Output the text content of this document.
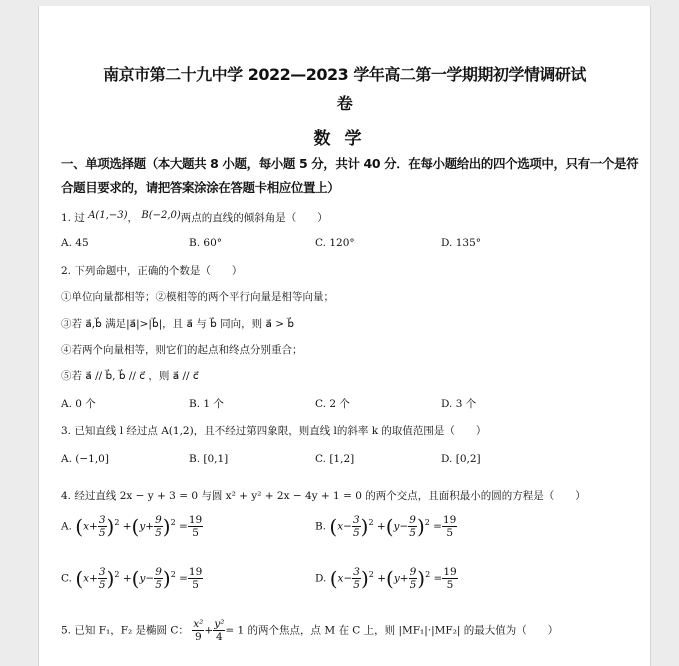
南京市第二十九中学 2022—2023 学年高二第一学期期初学情调研试
卷
数学
一、单项选择题（本大题共 8 小题，每小题 5 分，共计 40 分．在每小题给出的四个选项中，只有一个是符合题目要求的，请把答案涂涂在答题卡相应位置上）
1. 过 A(1,−3)， B(−2,0)两点的直线的倾斜角是（　　）
A. 45	B. 60°	C. 120°	D. 135°
2. 下列命题中，正确的个数是（　　）
①单位向量都相等；②模相等的两个平行向量是相等向量；
③若 a⃗,b⃗ 满足|a⃗|>|b⃗|，且 a⃗ 与 b⃗ 同向，则 a⃗ > b⃗
④若两个向量相等，则它们的起点和终点分别重合；
⑤若 a⃗ // b⃗, b⃗ // c⃗ ，则 a⃗ // c⃗
A. 0 个	B. 1 个	C. 2 个	D. 3 个
3. 已知直线 l 经过点 A(1,2)，且不经过第四象限，则直线 l的斜率 k 的取值范围是（　　）
A. (−1,0]	B. [0,1]	C. [1,2]	D. [0,2]
4. 经过直线 2x − y + 3 = 0 与圆 x² + y² + 2x − 4y + 1 = 0 的两个交点，且面积最小的圆的方程是（　　）
A. $(x+ \frac{3}{5} )^2 +(y+ \frac{9}{5} )^2 = \frac{19}{5}$	B. $(x- \frac{3}{5} )^2 +(y- \frac{9}{5} )^2 = \frac{19}{5}$
C. $(x+ \frac{3}{5} )^2 +(y- \frac{9}{5} )^2 = \frac{19}{5}$	D. $(x- \frac{3}{5} )^2 +(y+ \frac{9}{5} )^2 = \frac{19}{5}$
5. 已知 F₁，F₂ 是椭圆 C： $\frac{\text{x²}}{9} + \frac{\text{y²}}{4} = 1$ 的两个焦点，点 M 在 C 上，则 |MF₁|·|MF₂| 的最大值为（　　）
